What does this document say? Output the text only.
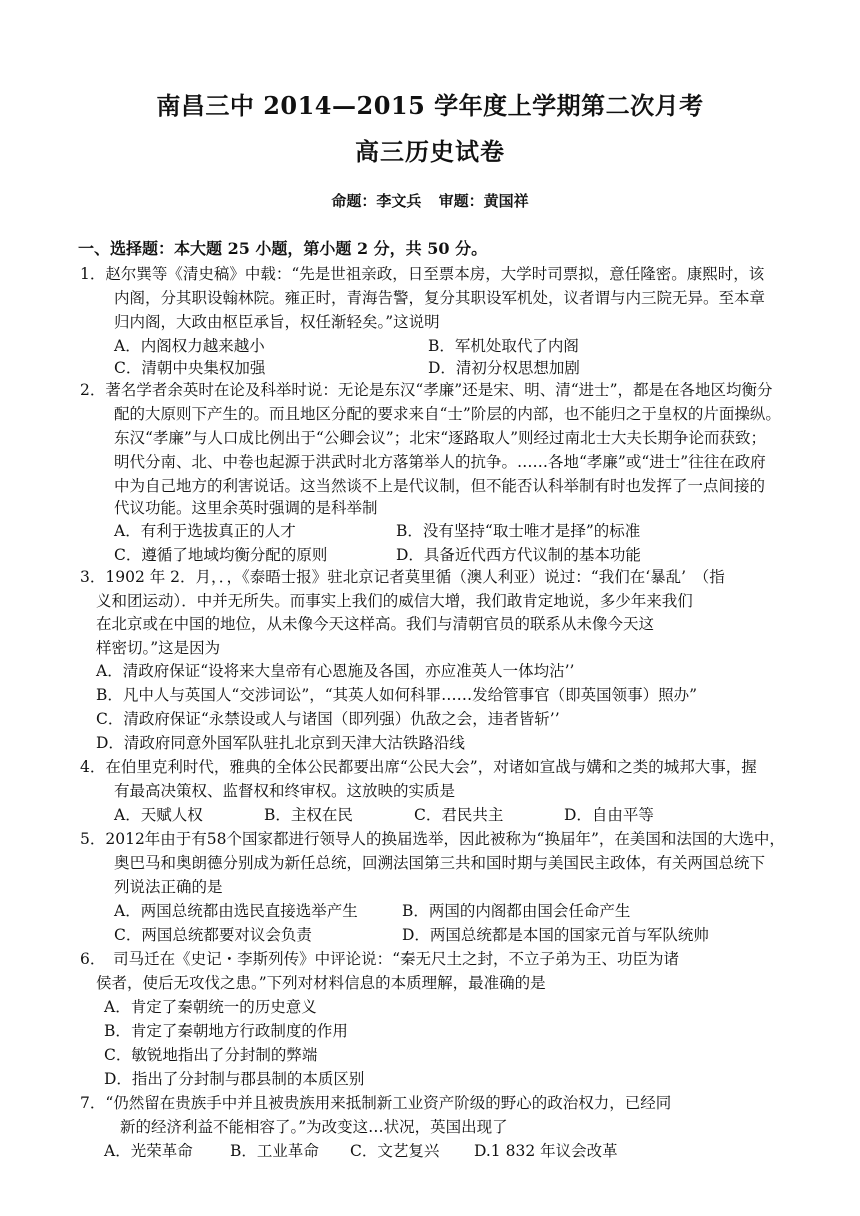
南昌三中 2014—2015 学年度上学期第二次月考
高三历史试卷
命题：李文兵 审题：黄国祥
一、选择题：本大题 25 小题，第小题 2 分，共 50 分。
1．赵尔巽等《清史稿》中载：“先是世祖亲政，日至票本房，大学时司票拟，意任隆密。康熙时，该
内阁，分其职设翰林院。雍正时，青海告警，复分其职设军机处，议者谓与内三院无异。至本章
归内阁，大政由枢臣承旨，权任渐轻矣。”这说明
A．内阁权力越来越小	B．军机处取代了内阁
C．清朝中央集权加强	D．清初分权思想加剧
2．著名学者余英时在论及科举时说：无论是东汉“孝廉”还是宋、明、清“进士”，都是在各地区均衡分
配的大原则下产生的。而且地区分配的要求来自“士”阶层的内部，也不能归之于皇权的片面操纵。
东汉“孝廉”与人口成比例出于“公卿会议”；北宋“逐路取人”则经过南北士大夫长期争论而获致；
明代分南、北、中卷也起源于洪武时北方落第举人的抗争。……各地“孝廉”或“进士”往往在政府
中为自己地方的利害说话。这当然谈不上是代议制，但不能否认科举制有时也发挥了一点间接的
代议功能。这里余英时强调的是科举制
A．有利于选拔真正的人才	B．没有坚持“取士唯才是择”的标准
C．遵循了地域均衡分配的原则	D．具备近代西方代议制的基本功能
3．1902 年 2．月，．，《泰晤士报》驻北京记者莫里循（澳人利亚）说过：“我们在‘暴乱’　（指
义和团运动）．中并无所失。而事实上我们的威信大增，我们敢肯定地说，多少年来我们
在北京或在中国的地位，从未像今天这样高。我们与清朝官员的联系从未像今天这
样密切。”这是因为
A．清政府保证“设将来大皇帝有心恩施及各国，亦应准英人一体均沾’’
B．凡中人与英国人“交涉词讼”，“其英人如何科罪……发给管事官（即英国领事）照办”
C．清政府保证“永禁设或人与诸国（即列强）仇敌之会，违者皆斩’’
D．清政府同意外国军队驻扎北京到天津大沽铁路沿线
4．在伯里克利时代，雅典的全体公民都要出席“公民大会”，对诸如宣战与媾和之类的城邦大事，握
有最高决策权、监督权和终审权。这放映的实质是
A．天赋人权	B．主权在民	C．君民共主	D．自由平等
5．2012年由于有58个国家都进行领导人的换届选举，因此被称为“换届年”，在美国和法国的大选中，
奥巴马和奥朗德分别成为新任总统，回溯法国第三共和国时期与美国民主政体，有关两国总统下
列说法正确的是
A．两国总统都由选民直接选举产生	B．两国的内阁都由国会任命产生
C．两国总统都要对议会负责	D．两国总统都是本国的国家元首与军队统帅
6．　司马迁在《史记・李斯列传》中评论说：“秦无尺土之封，不立子弟为王、功臣为诸
侯者，使后无攻伐之患。”下列对材料信息的本质理解，最准确的是
A．肯定了秦朝统一的历史意义
B．肯定了秦朝地方行政制度的作用
C．敏锐地指出了分封制的弊端
D．指出了分封制与郡县制的本质区别
7．“仍然留在贵族手中并且被贵族用来抵制新工业资产阶级的野心的政治权力，已经同
新的经济利益不能相容了。”为改变这…状况，英国出现了
A．光荣革命 B．工业革命 C．文艺复兴 D.1 832 年议会改革
